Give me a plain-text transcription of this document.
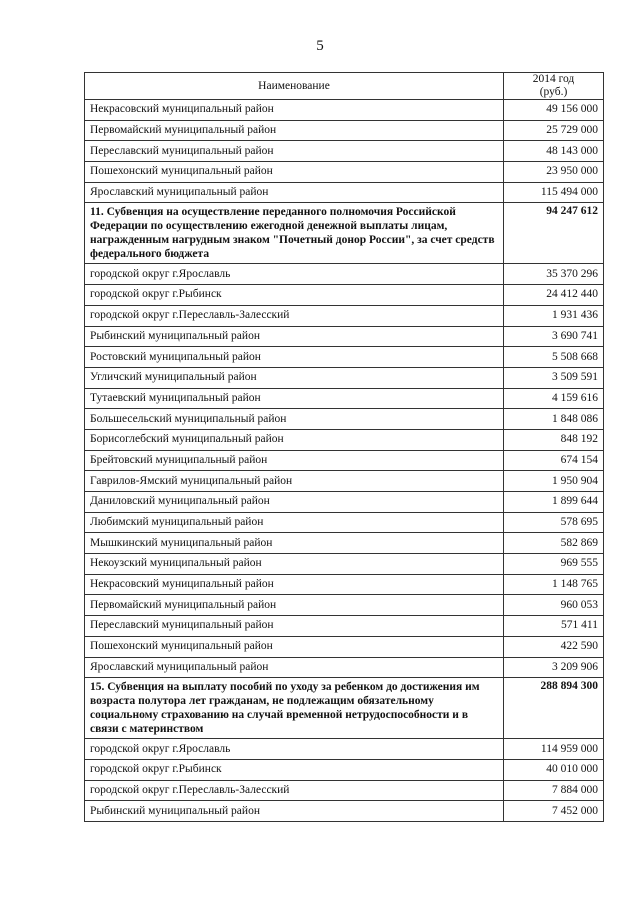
5
Наименование	2014 год
(руб.)
Некрасовский муниципальный район	49 156 000
Первомайский муниципальный район	25 729 000
Переславский муниципальный район	48 143 000
Пошехонский муниципальный район	23 950 000
Ярославский муниципальный район	115 494 000
11. Субвенция на осуществление переданного полномочия Российской Федерации по осуществлению ежегодной денежной выплаты лицам, награжденным нагрудным знаком "Почетный донор России", за счет средств федерального бюджета	94 247 612
городской округ г.Ярославль	35 370 296
городской округ г.Рыбинск	24 412 440
городской округ г.Переславль-Залесский	1 931 436
Рыбинский муниципальный район	3 690 741
Ростовский муниципальный район	5 508 668
Угличский муниципальный район	3 509 591
Тутаевский муниципальный район	4 159 616
Большесельский муниципальный район	1 848 086
Борисоглебский муниципальный район	848 192
Брейтовский муниципальный район	674 154
Гаврилов-Ямский муниципальный район	1 950 904
Даниловский муниципальный район	1 899 644
Любимский муниципальный район	578 695
Мышкинский муниципальный район	582 869
Некоузский муниципальный район	969 555
Некрасовский муниципальный район	1 148 765
Первомайский муниципальный район	960 053
Переславский муниципальный район	571 411
Пошехонский муниципальный район	422 590
Ярославский муниципальный район	3 209 906
15. Субвенция на выплату пособий по уходу за ребенком до достижения им возраста полутора лет гражданам, не подлежащим обязательному социальному страхованию на случай временной нетрудоспособности и в связи с материнством	288 894 300
городской округ г.Ярославль	114 959 000
городской округ г.Рыбинск	40 010 000
городской округ г.Переславль-Залесский	7 884 000
Рыбинский муниципальный район	7 452 000
